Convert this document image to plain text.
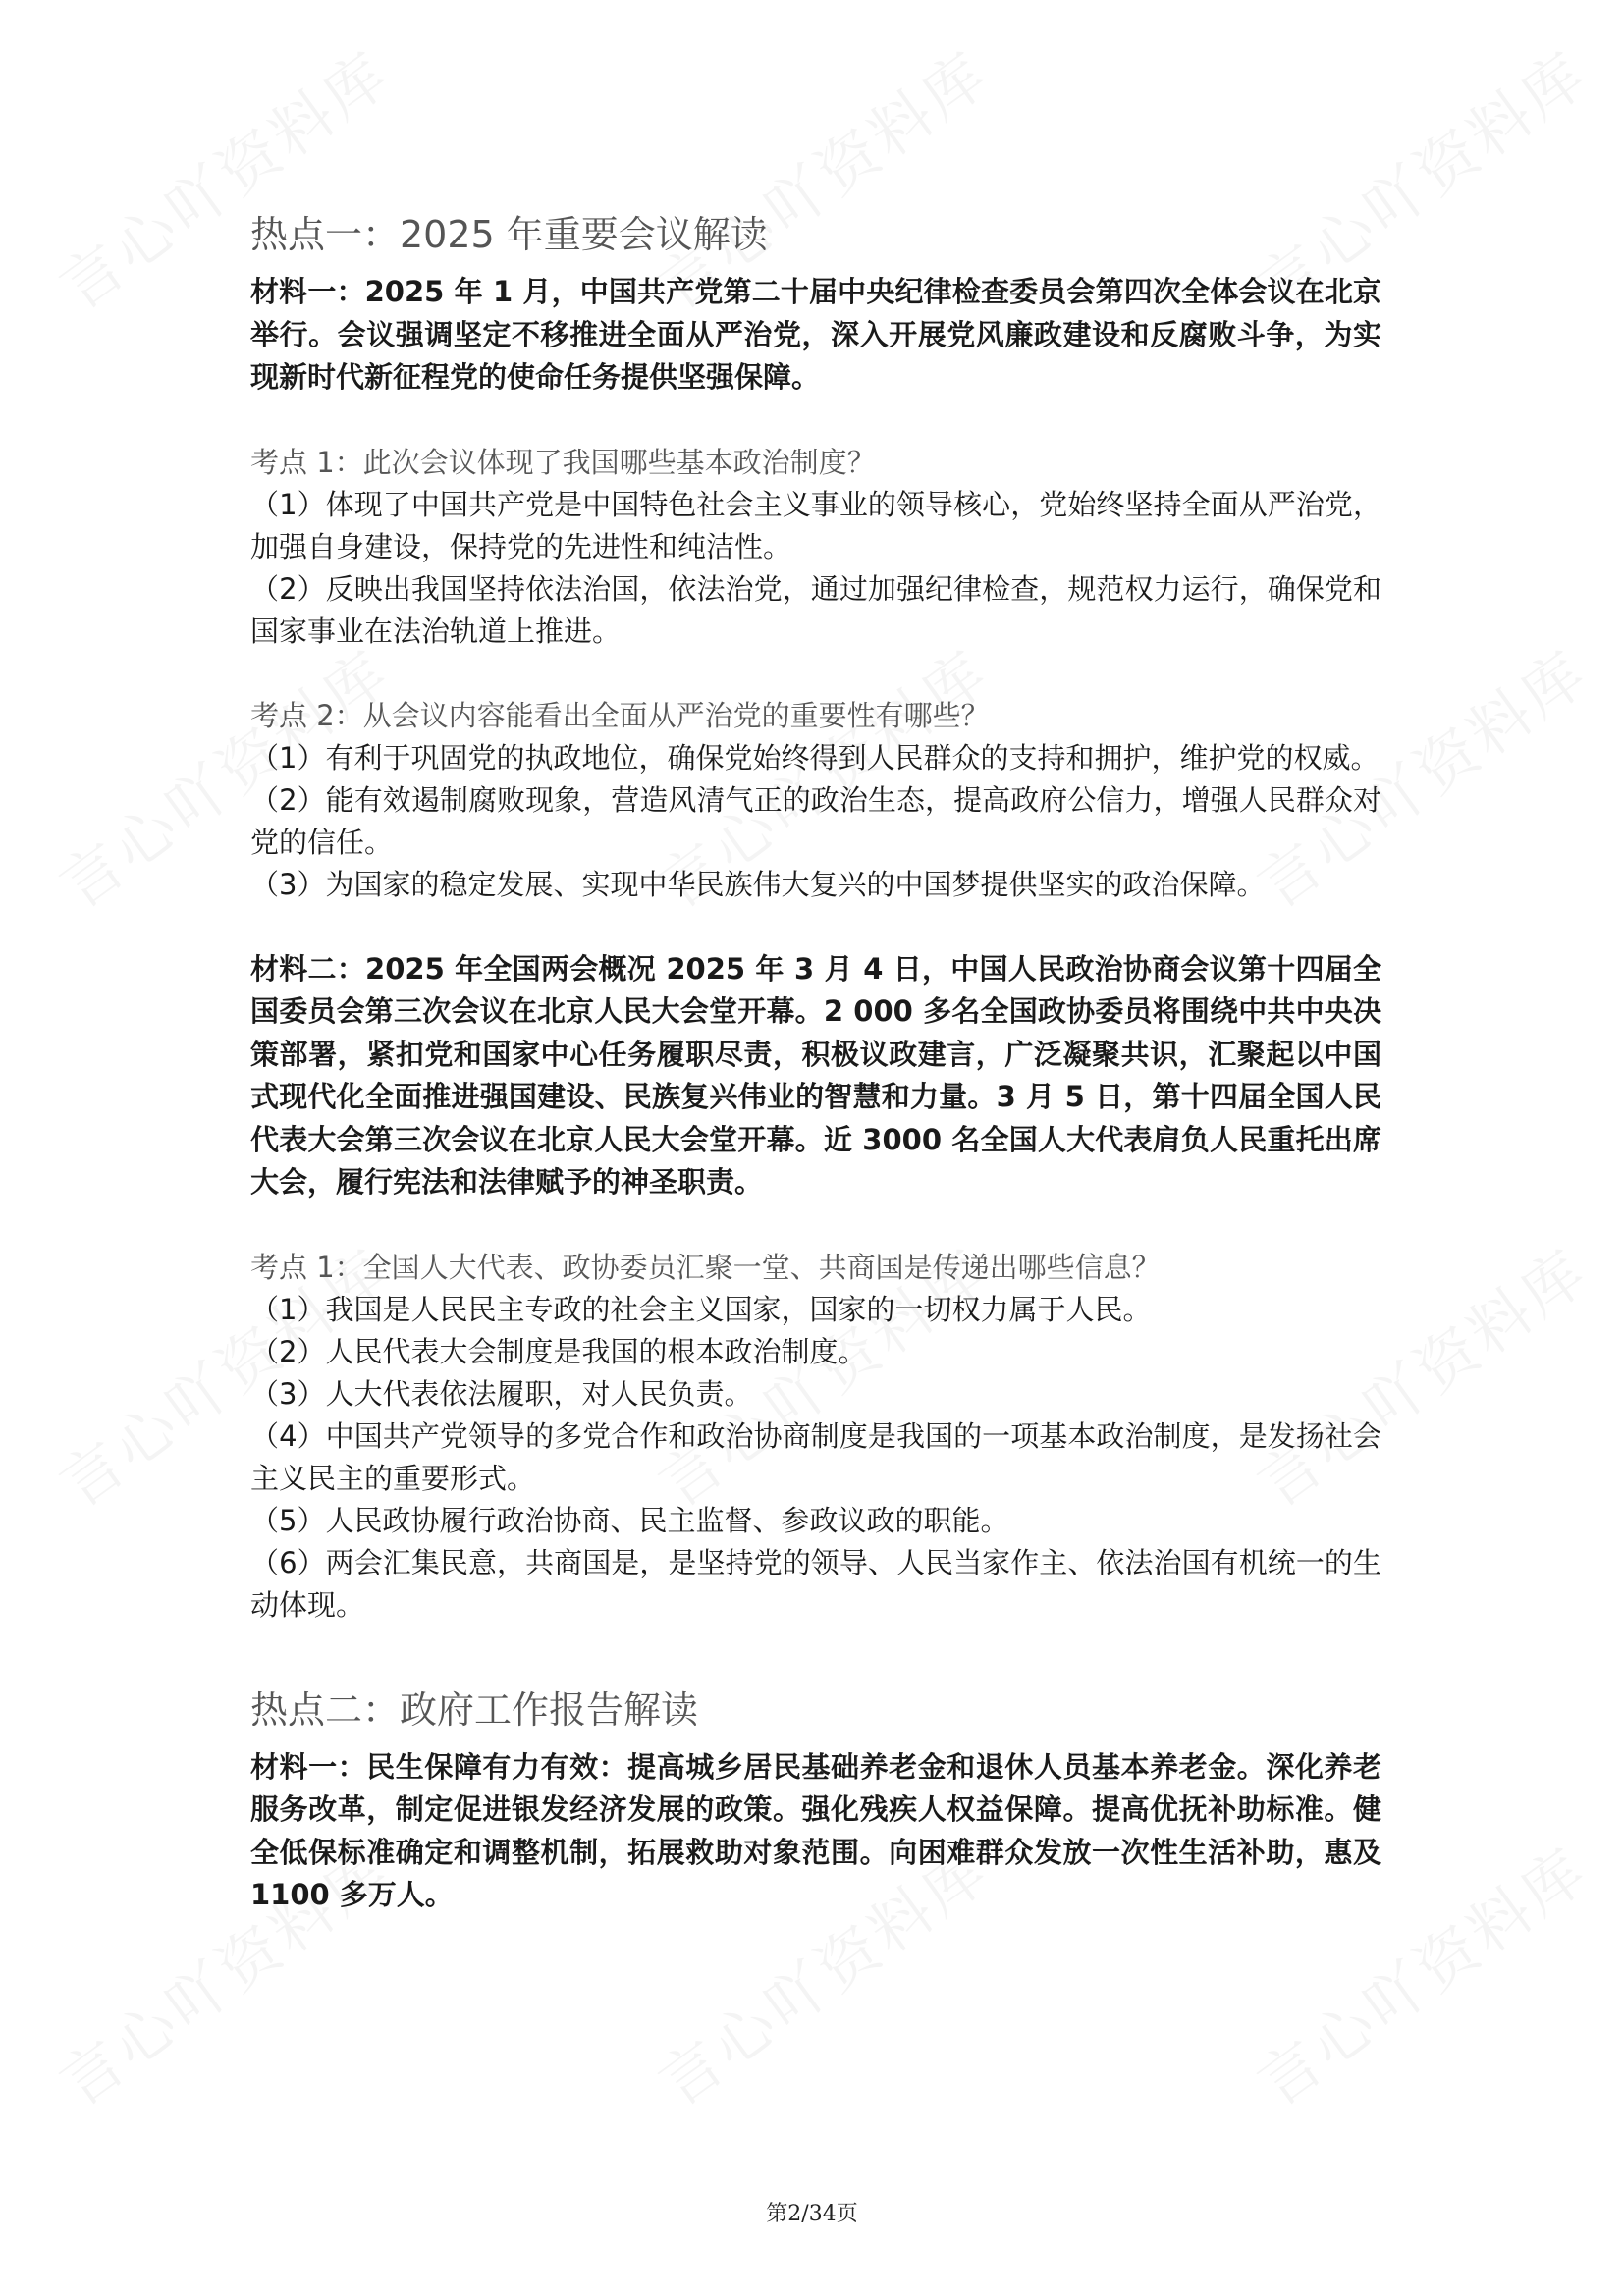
热点一：2025 年重要会议解读

材料一：2025 年 1 月，中国共产党第二十届中央纪律检查委员会第四次全体会议在北京举行。会议强调坚定不移推进全面从严治党，深入开展党风廉政建设和反腐败斗争，为实现新时代新征程党的使命任务提供坚强保障。

考点 1：此次会议体现了我国哪些基本政治制度？

（1）体现了中国共产党是中国特色社会主义事业的领导核心，党始终坚持全面从严治党，加强自身建设，保持党的先进性和纯洁性。

（2）反映出我国坚持依法治国，依法治党，通过加强纪律检查，规范权力运行，确保党和国家事业在法治轨道上推进。

考点 2：从会议内容能看出全面从严治党的重要性有哪些？

（1）有利于巩固党的执政地位，确保党始终得到人民群众的支持和拥护，维护党的权威。

（2）能有效遏制腐败现象，营造风清气正的政治生态，提高政府公信力，增强人民群众对党的信任。

（3）为国家的稳定发展、实现中华民族伟大复兴的中国梦提供坚实的政治保障。

材料二：2025 年全国两会概况 2025 年 3 月 4 日，中国人民政治协商会议第十四届全国委员会第三次会议在北京人民大会堂开幕。2 000 多名全国政协委员将围绕中共中央决策部署，紧扣党和国家中心任务履职尽责，积极议政建言，广泛凝聚共识，汇聚起以中国式现代化全面推进强国建设、民族复兴伟业的智慧和力量。3 月 5 日，第十四届全国人民代表大会第三次会议在北京人民大会堂开幕。近 3000 名全国人大代表肩负人民重托出席大会，履行宪法和法律赋予的神圣职责。

考点 1：全国人大代表、政协委员汇聚一堂、共商国是传递出哪些信息？

（1）我国是人民民主专政的社会主义国家，国家的一切权力属于人民。

（2）人民代表大会制度是我国的根本政治制度。

（3）人大代表依法履职，对人民负责。

（4）中国共产党领导的多党合作和政治协商制度是我国的一项基本政治制度，是发扬社会主义民主的重要形式。

（5）人民政协履行政治协商、民主监督、参政议政的职能。

（6）两会汇集民意，共商国是，是坚持党的领导、人民当家作主、依法治国有机统一的生动体现。

热点二：政府工作报告解读

材料一：民生保障有力有效：提高城乡居民基础养老金和退休人员基本养老金。深化养老服务改革，制定促进银发经济发展的政策。强化残疾人权益保障。提高优抚补助标准。健全低保标准确定和调整机制，拓展救助对象范围。向困难群众发放一次性生活补助，惠及 1100 多万人。

第2/34页
